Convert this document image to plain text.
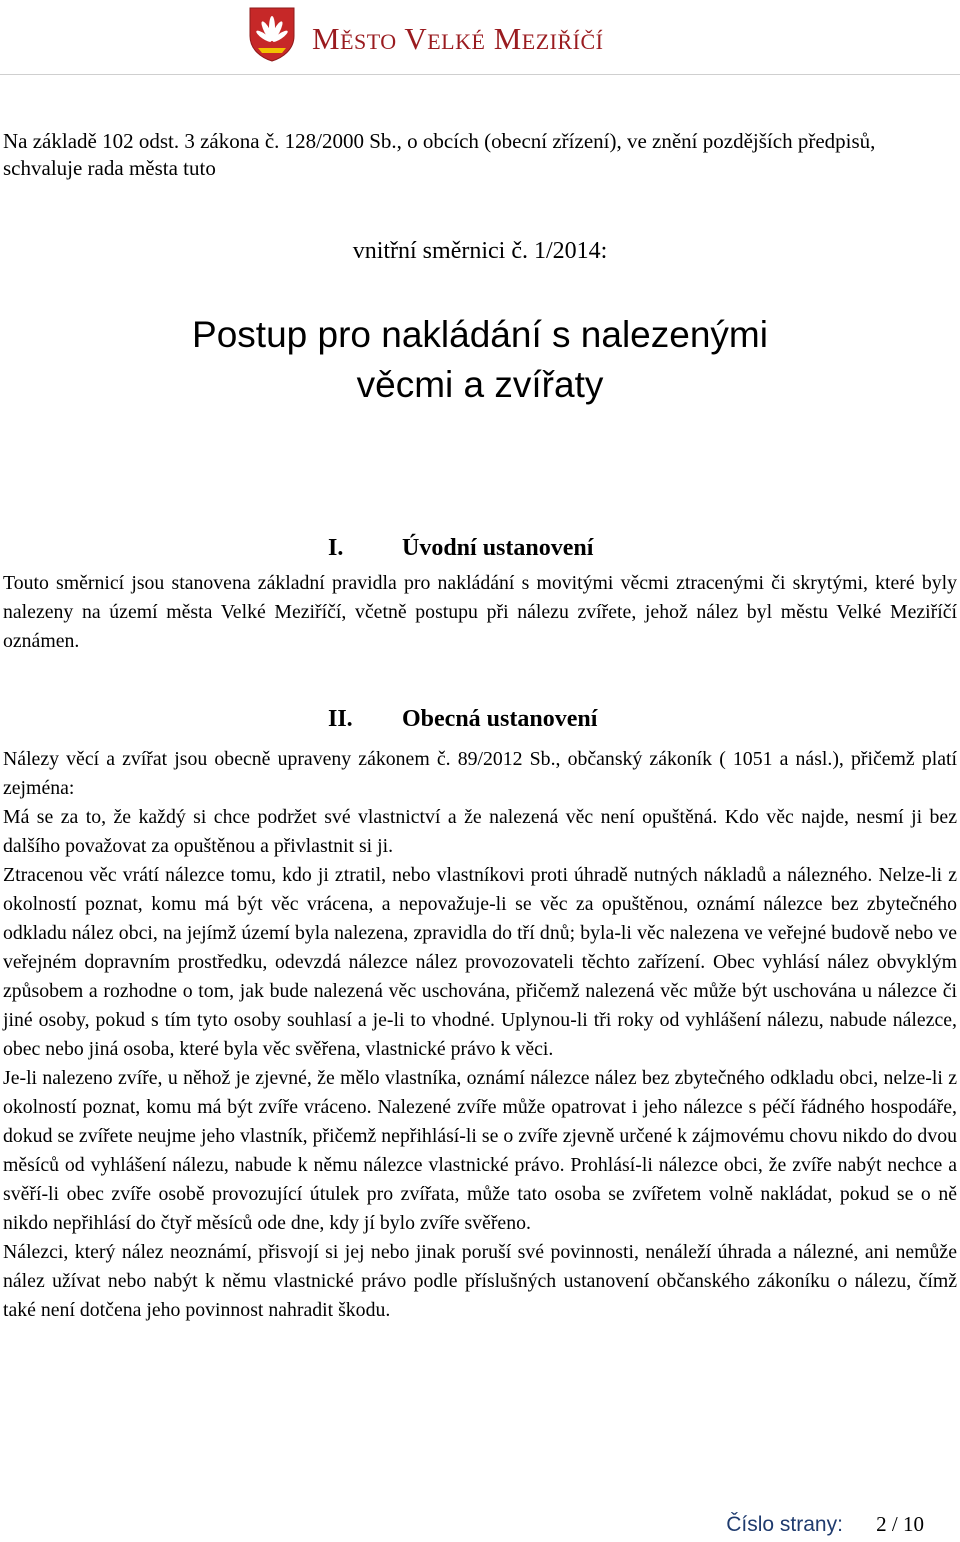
Město Velké Meziříčí
Na základě 102 odst. 3 zákona č. 128/2000 Sb., o obcích (obecní zřízení), ve znění pozdějších předpisů, schvaluje rada města tuto
vnitřní směrnici č. 1/2014:
Postup pro nakládání s nalezenými
věcmi a zvířaty
I. Úvodní ustanovení
Touto směrnicí jsou stanovena základní pravidla pro nakládání s movitými věcmi ztracenými či skrytými, které byly nalezeny na území města Velké Meziříčí, včetně postupu při nálezu zvířete, jehož nález byl městu Velké Meziříčí oznámen.
II. Obecná ustanovení

Nálezy věcí a zvířat jsou obecně upraveny zákonem č. 89/2012 Sb., občanský zákoník ( 1051 a násl.), přičemž platí zejména:

Má se za to, že každý si chce podržet své vlastnictví a že nalezená věc není opuštěná. Kdo věc najde, nesmí ji bez dalšího považovat za opuštěnou a přivlastnit si ji.

Ztracenou věc vrátí nálezce tomu, kdo ji ztratil, nebo vlastníkovi proti úhradě nutných nákladů a nálezného. Nelze-li z okolností poznat, komu má být věc vrácena, a nepovažuje-li se věc za opuštěnou, oznámí nálezce bez zbytečného odkladu nález obci, na jejímž území byla nalezena, zpravidla do tří dnů; byla-li věc nalezena ve veřejné budově nebo ve veřejném dopravním prostředku, odevzdá nálezce nález provozovateli těchto zařízení. Obec vyhlásí nález obvyklým způsobem a rozhodne o tom, jak bude nalezená věc uschována, přičemž nalezená věc může být uschována u nálezce či jiné osoby, pokud s tím tyto osoby souhlasí a je-li to vhodné. Uplynou-li tři roky od vyhlášení nálezu, nabude nálezce, obec nebo jiná osoba, které byla věc svěřena, vlastnické právo k věci.

Je-li nalezeno zvíře, u něhož je zjevné, že mělo vlastníka, oznámí nálezce nález bez zbytečného odkladu obci, nelze-li z okolností poznat, komu má být zvíře vráceno. Nalezené zvíře může opatrovat i jeho nálezce s péčí řádného hospodáře, dokud se zvířete neujme jeho vlastník, přičemž nepřihlásí-li se o zvíře zjevně určené k zájmovému chovu nikdo do dvou měsíců od vyhlášení nálezu, nabude k němu nálezce vlastnické právo. Prohlásí-li nálezce obci, že zvíře nabýt nechce a svěří-li obec zvíře osobě provozující útulek pro zvířata, může tato osoba se zvířetem volně nakládat, pokud se o ně nikdo nepřihlásí do čtyř měsíců ode dne, kdy jí bylo zvíře svěřeno.

Nálezci, který nález neoznámí, přisvojí si jej nebo jinak poruší své povinnosti, nenáleží úhrada a nálezné, ani nemůže nález užívat nebo nabýt k němu vlastnické právo podle příslušných ustanovení občanského zákoníku o nálezu, čímž také není dotčena jeho povinnost nahradit škodu.

Číslo strany: 2 / 10
